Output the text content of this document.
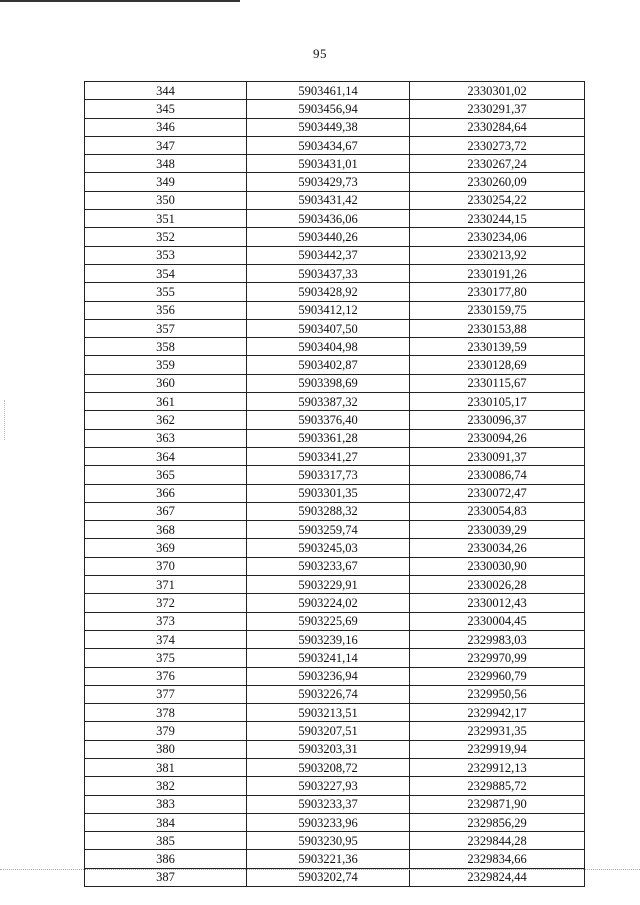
95
344	5903461,14	2330301,02
345	5903456,94	2330291,37
346	5903449,38	2330284,64
347	5903434,67	2330273,72
348	5903431,01	2330267,24
349	5903429,73	2330260,09
350	5903431,42	2330254,22
351	5903436,06	2330244,15
352	5903440,26	2330234,06
353	5903442,37	2330213,92
354	5903437,33	2330191,26
355	5903428,92	2330177,80
356	5903412,12	2330159,75
357	5903407,50	2330153,88
358	5903404,98	2330139,59
359	5903402,87	2330128,69
360	5903398,69	2330115,67
361	5903387,32	2330105,17
362	5903376,40	2330096,37
363	5903361,28	2330094,26
364	5903341,27	2330091,37
365	5903317,73	2330086,74
366	5903301,35	2330072,47
367	5903288,32	2330054,83
368	5903259,74	2330039,29
369	5903245,03	2330034,26
370	5903233,67	2330030,90
371	5903229,91	2330026,28
372	5903224,02	2330012,43
373	5903225,69	2330004,45
374	5903239,16	2329983,03
375	5903241,14	2329970,99
376	5903236,94	2329960,79
377	5903226,74	2329950,56
378	5903213,51	2329942,17
379	5903207,51	2329931,35
380	5903203,31	2329919,94
381	5903208,72	2329912,13
382	5903227,93	2329885,72
383	5903233,37	2329871,90
384	5903233,96	2329856,29
385	5903230,95	2329844,28
386	5903221,36	2329834,66
387	5903202,74	2329824,44
